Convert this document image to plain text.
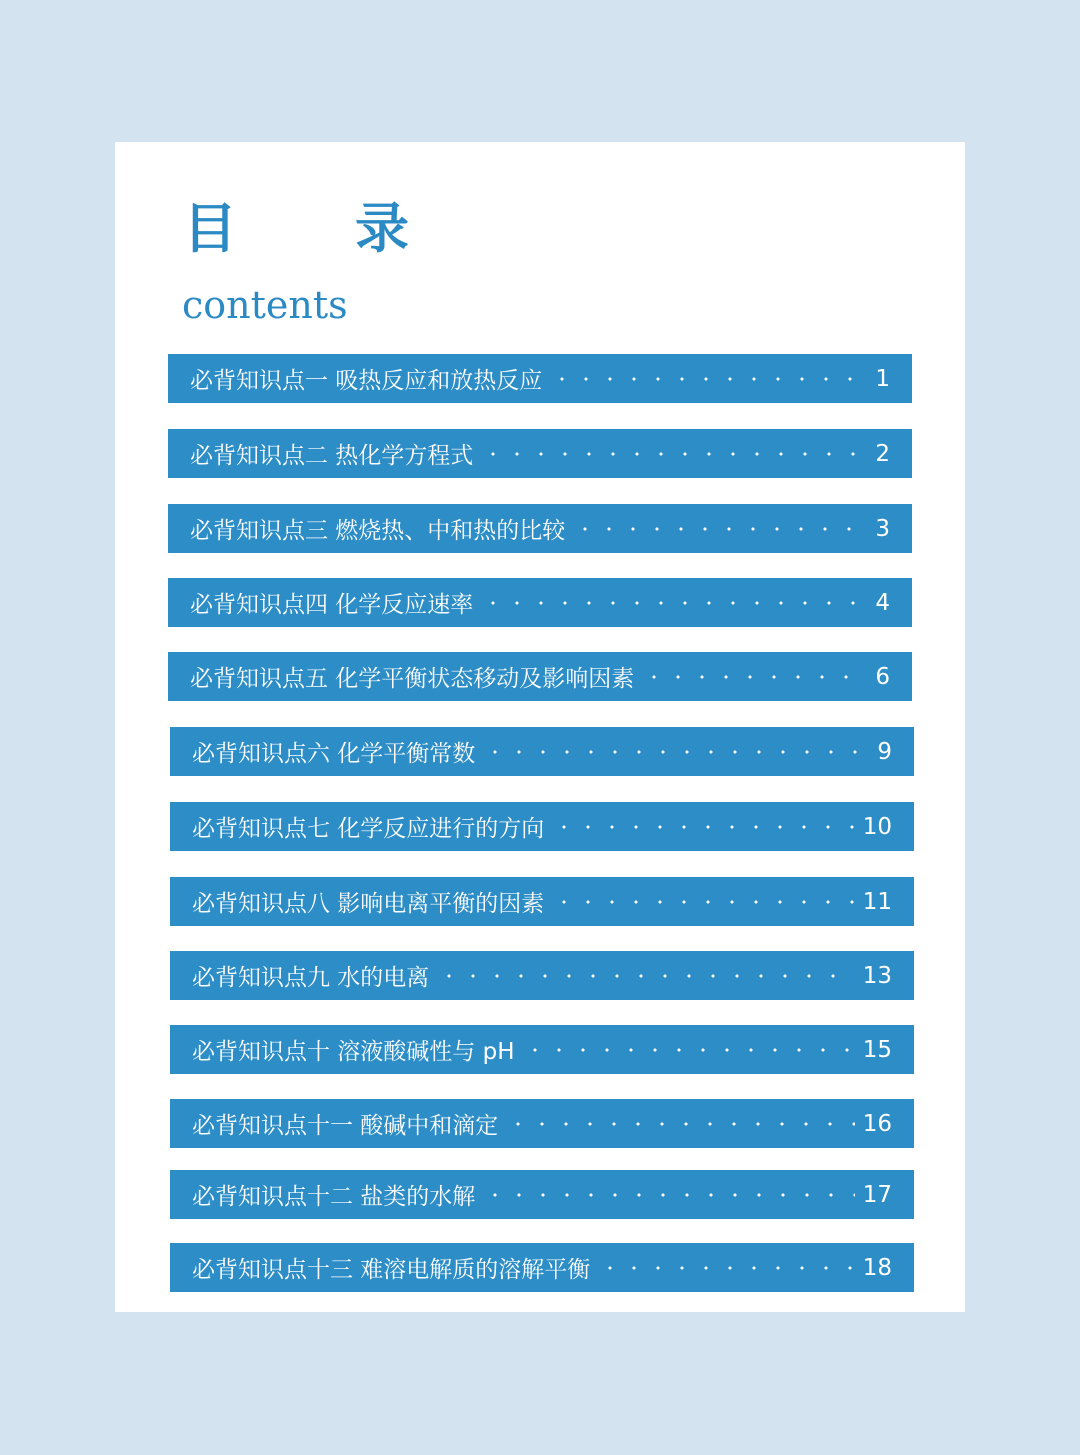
目　录
contents
必背知识点一 吸热反应和放热反应	1
必背知识点二 热化学方程式	2
必背知识点三 燃烧热、中和热的比较	3
必背知识点四 化学反应速率	4
必背知识点五 化学平衡状态移动及影响因素	6
必背知识点六 化学平衡常数	9
必背知识点七 化学反应进行的方向	10
必背知识点八 影响电离平衡的因素	11
必背知识点九 水的电离	13
必背知识点十 溶液酸碱性与 pH	15
必背知识点十一 酸碱中和滴定	16
必背知识点十二 盐类的水解	17
必背知识点十三 难溶电解质的溶解平衡	18
